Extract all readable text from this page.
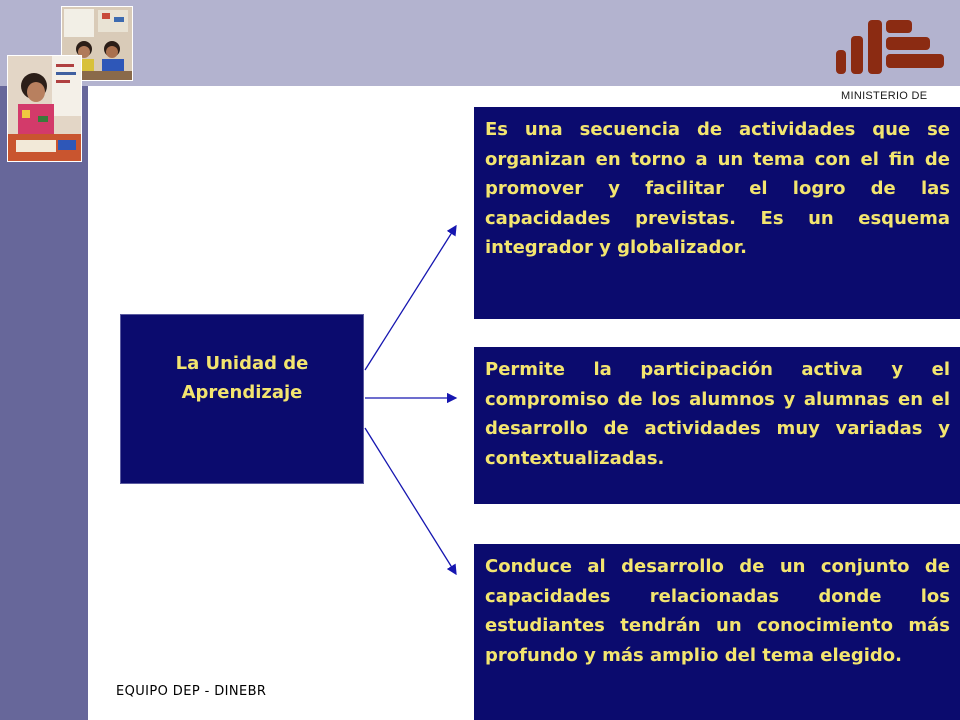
MINISTERIO DE
La Unidad de Aprendizaje

Es una secuencia de actividades que se organizan en torno a un tema con el fin de promover y facilitar el logro de las capacidades previstas. Es un esquema integrador y globalizador.

Permite la participación activa y el compromiso de los alumnos y alumnas en el desarrollo de actividades muy variadas y contextualizadas.

Conduce al desarrollo de un conjunto de capacidades relacionadas donde los estudiantes tendrán un conocimiento más profundo y más amplio del tema elegido.

EQUIPO DEP - DINEBR
